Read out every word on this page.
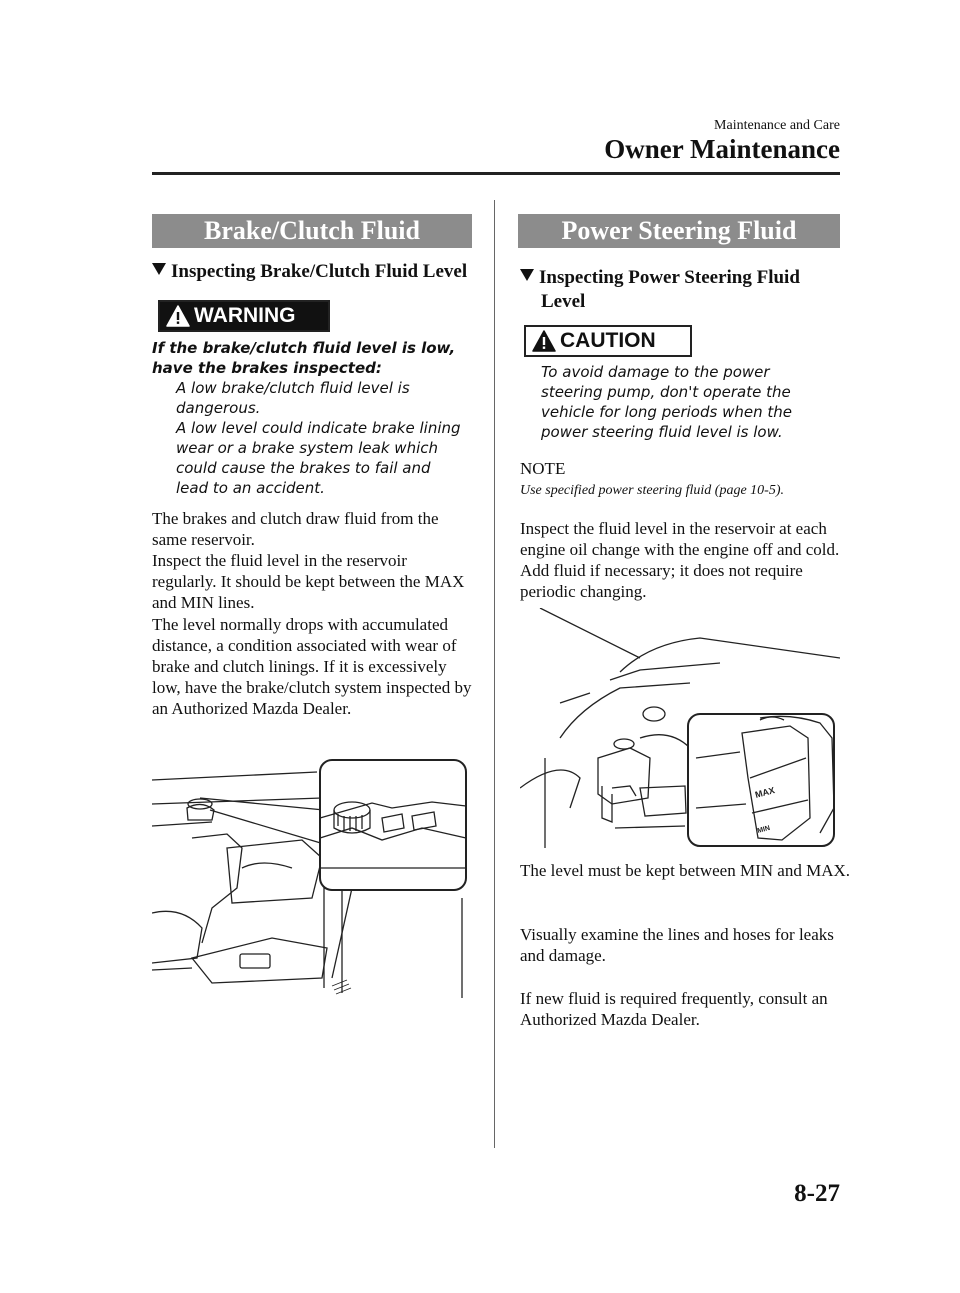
Maintenance and Care
Owner Maintenance
Brake/Clutch Fluid
Inspecting Brake/Clutch Fluid Level
WARNING
If the brake/clutch fluid level is low, have the brakes inspected:
A low brake/clutch fluid level is dangerous.
A low level could indicate brake lining wear or a brake system leak which could cause the brakes to fail and lead to an accident.
The brakes and clutch draw fluid from the same reservoir.
Inspect the fluid level in the reservoir regularly. It should be kept between the MAX and MIN lines.
The level normally drops with accumulated distance, a condition associated with wear of brake and clutch linings. If it is excessively low, have the brake/clutch system inspected by an Authorized Mazda Dealer.
Power Steering Fluid
Inspecting Power Steering Fluid
Level
CAUTION
To avoid damage to the power steering pump, don't operate the vehicle for long periods when the power steering fluid level is low.
NOTE
Use specified power steering fluid (page 10-5).
Inspect the fluid level in the reservoir at each engine oil change with the engine off and cold. Add fluid if necessary; it does not require periodic changing.
MAX
MIN
The level must be kept between MIN and MAX.
Visually examine the lines and hoses for leaks and damage.
If new fluid is required frequently, consult an Authorized Mazda Dealer.
8-27
